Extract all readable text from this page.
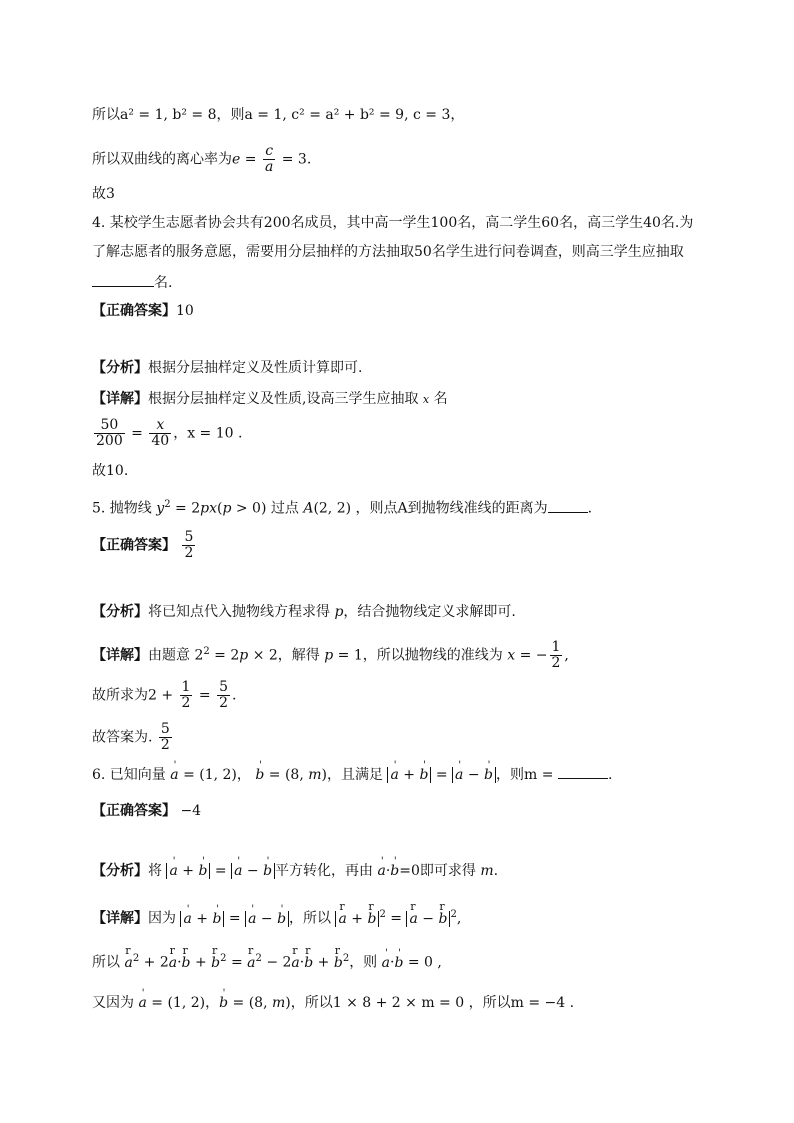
所以a² = 1, b² = 8，则a = 1, c² = a² + b² = 9, c = 3，
所以双曲线的离心率为$e = \frac{c}{a} = 3$.
故3
4. 某校学生志愿者协会共有200名成员，其中高一学生100名，高二学生60名，高三学生40名.为
了解志愿者的服务意愿，需要用分层抽样的方法抽取50名学生进行问卷调查，则高三学生应抽取
名.
【正确答案】10
【分析】根据分层抽样定义及性质计算即可.
【详解】根据分层抽样定义及性质,设高三学生应抽取 x 名
$\frac{50}{200} = \frac{x}{40}$ ，x = 10 .
故10.
5. 抛物线 $y^2 = 2px(p > 0)$ 过点 A(2, 2) ，则点A到抛物线准线的距离为	.
【正确答案】 $\frac{5}{2}$
【分析】将已知点代入抛物线方程求得 p，结合抛物线定义求解即可.
【详解】由题意 $2^2 = 2p \times 2$，解得 p = 1，所以抛物线的准线为 x = − $\frac{1}{2}$ ,
故所求为$2 + \frac{1}{2} = \frac{5}{2}$ .
故答案为. $\frac{5}{2}$
6. 已知向量 ' a = (1, 2)， ' b = (8, m)，且满足 ' a + ' b = ' a − ' b ，则m =	.
【正确答案】 −4
【分析】将 ' a + ' b = ' a − ' b 平方转化，再由 ' a·' b=0即可求得 m.
【详解】因为 ' a + ' b = ' a − ' b ，所以 r a + r b $^2$ = r a − r b $^2$,
所以 r $a^2 + 2r$ a·r b + r $b^2 = r$ $a^2 - 2r$ a·r b + r $b^2$，则 ' a·' b = 0 ,
又因为 ' a = (1, 2)，' b = (8, m)，所以1 × 8 + 2 × m = 0 ，所以m = −4 .
